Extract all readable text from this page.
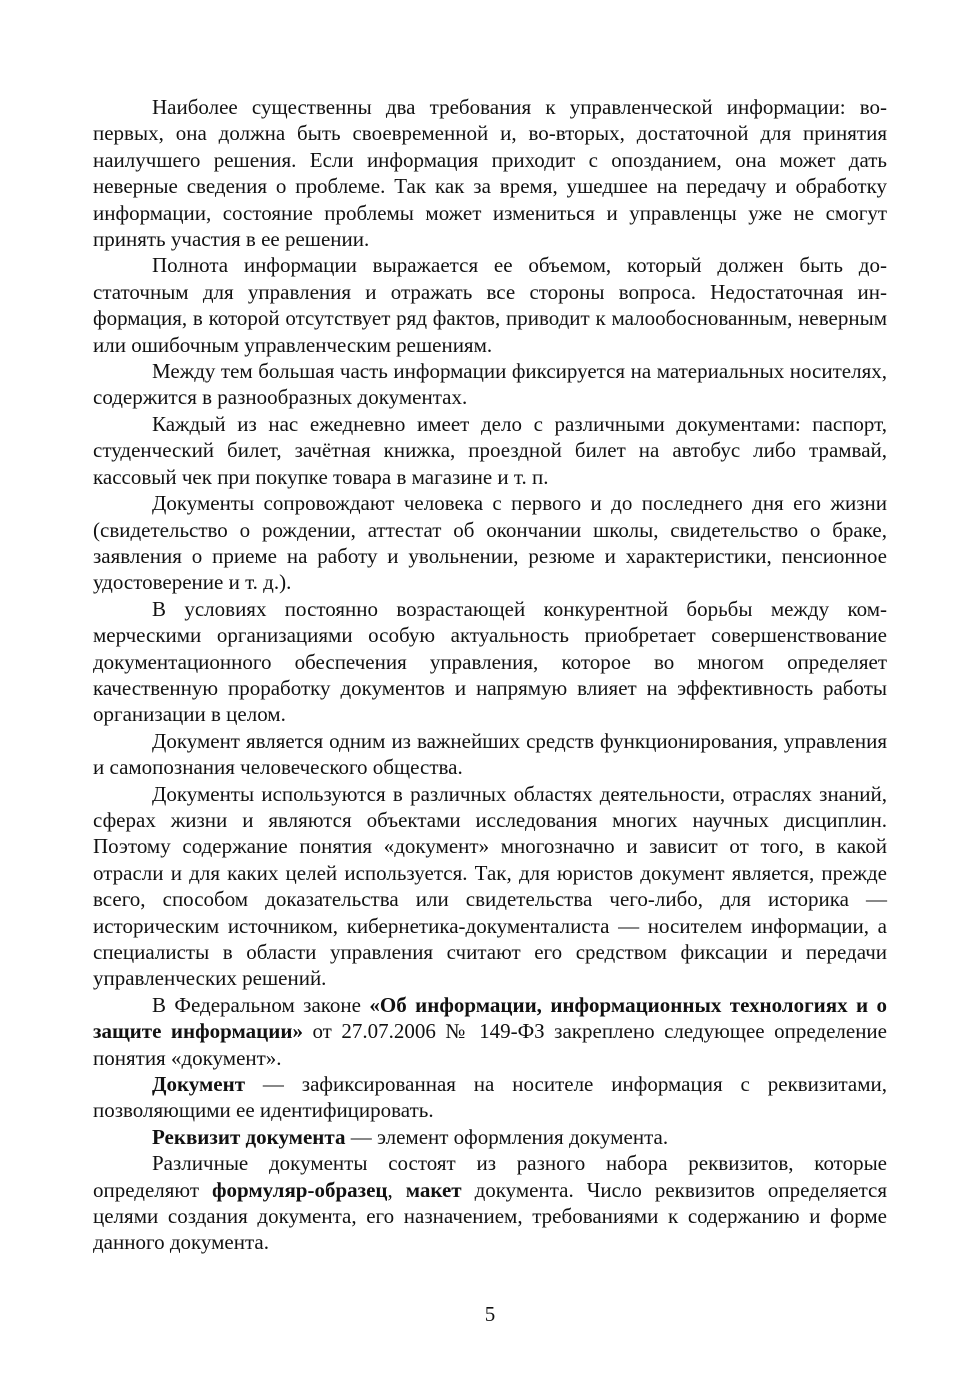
Наиболее существенны два требования к управленческой информации: во-первых, она должна быть своевременной и, во-вторых, достаточной для принятия наилучшего решения. Если информация приходит с опозданием, она может дать неверные сведения о проблеме. Так как за время, ушедшее на передачу и обработку информации, состояние проблемы может измениться и управленцы уже не смогут принять участия в ее решении.

Полнота информации выражается ее объемом, который должен быть достаточным для управления и отражать все стороны вопроса. Недостаточная информация, в которой отсутствует ряд фактов, приводит к малообоснованным, неверным или ошибочным управленческим решениям.

Между тем большая часть информации фиксируется на материальных носителях, содержится в разнообразных документах.

Каждый из нас ежедневно имеет дело с различными документами: паспорт, студенческий билет, зачётная книжка, проездной билет на автобус либо трамвай, кассовый чек при покупке товара в магазине и т. п.

Документы сопровождают человека с первого и до последнего дня его жизни (свидетельство о рождении, аттестат об окончании школы, свидетельство о браке, заявления о приеме на работу и увольнении, резюме и характеристики, пенсионное удостоверение и т. д.).

В условиях постоянно возрастающей конкурентной борьбы между коммерческими организациями особую актуальность приобретает совершенствование документационного обеспечения управления, которое во многом определяет качественную проработку документов и напрямую влияет на эффективность работы организации в целом.

Документ является одним из важнейших средств функционирования, управления и самопознания человеческого общества.

Документы используются в различных областях деятельности, отраслях знаний, сферах жизни и являются объектами исследования многих научных дисциплин. Поэтому содержание понятия «документ» многозначно и зависит от того, в какой отрасли и для каких целей используется. Так, для юристов документ является, прежде всего, способом доказательства или свидетельства чего-либо, для историка — историческим источником, кибернетика-документалиста — носителем информации, а специалисты в области управления считают его средством фиксации и передачи управленческих решений.

В Федеральном законе «Об информации, информационных технологиях и о защите информации» от 27.07.2006 № 149-ФЗ закреплено следующее определение понятия «документ».

Документ — зафиксированная на носителе информация с реквизитами, позволяющими ее идентифицировать.

Реквизит документа — элемент оформления документа.

Различные документы состоят из разного набора реквизитов, которые определяют формуляр-образец, макет документа. Число реквизитов определяется целями создания документа, его назначением, требованиями к содержанию и форме данного документа.

5
